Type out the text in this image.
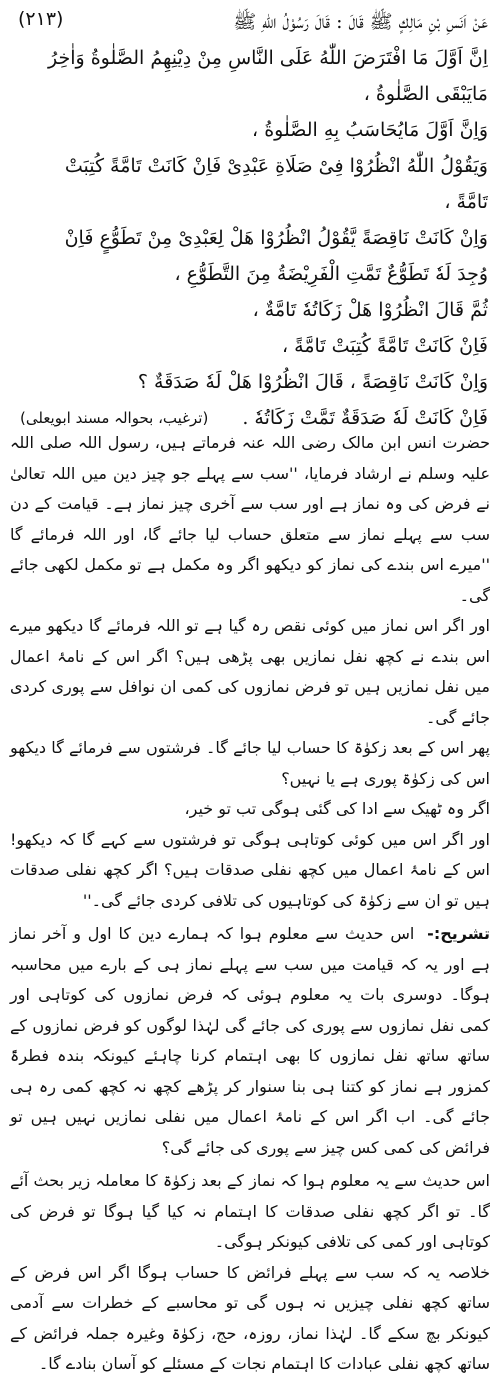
(۲۱۳)	عَنْ اَنَسِ بْنِ مَالِكٍ ﷺ قَالَ : قَالَ رَسُوْلُ اللّٰهِ ﷺ
اِنَّ اَوَّلَ مَا افْتَرَضَ اللّٰهُ عَلَى النَّاسِ مِنْ دِيْنِهِمُ الصَّلٰوةُ وَاٰخِرُ
مَايَبْقَى الصَّلٰوةُ ،
وَاِنَّ اَوَّلَ مَايُحَاسَبُ بِهِ الصَّلٰوةُ ،
وَيَقُوْلُ اللّٰهُ انْظُرُوْا فِىْ صَلَاةِ عَبْدِىْ فَاِنْ كَانَتْ تَامَّةً كُتِبَتْ
تَامَّةً ،
وَاِنْ كَانَتْ نَاقِصَةً يَّقُوْلُ انْظُرُوْا هَلْ لِعَبْدِىْ مِنْ تَطَوُّعٍ فَاِنْ
وُجِدَ لَهٗ تَطَوُّعٌ تَمَّتِ الْفَرِيْضَةُ مِنَ التَّطَوُّعِ ،
ثُمَّ قَالَ انْظُرُوْا هَلْ زَكَاتُهٗ تَامَّةٌ ،
فَاِنْ كَانَتْ تَامَّةً كُتِبَتْ تَامَّةً ،
وَاِنْ كَانَتْ نَاقِصَةً ، قَالَ انْظُرُوْا هَلْ لَهٗ صَدَقَةٌ ؟
فَاِنْ كَانَتْ لَهٗ صَدَقَةٌ تَمَّتْ زَكَاتُهٗ .
(ترغیب، بحوالہ مسند ابویعلی)

حضرت انس ابن مالک رضی اللہ عنہ فرماتے ہیں، رسول اللہ صلی اللہ علیہ وسلم نے ارشاد فرمایا، ''سب سے پہلے جو چیز دین میں اللہ تعالیٰ نے فرض کی وہ نماز ہے اور سب سے آخری چیز نماز ہے۔ قیامت کے دن سب سے پہلے نماز سے متعلق حساب لیا جائے گا، اور اللہ فرمائے گا ''میرے اس بندے کی نماز کو دیکھو اگر وہ مکمل ہے تو مکمل لکھی جائے گی۔

اور اگر اس نماز میں کوئی نقص رہ گیا ہے تو اللہ فرمائے گا دیکھو میرے اس بندے نے کچھ نفل نمازیں بھی پڑھی ہیں؟ اگر اس کے نامۂ اعمال میں نفل نمازیں ہیں تو فرض نمازوں کی کمی ان نوافل سے پوری کردی جائے گی۔

پھر اس کے بعد زکوٰۃ کا حساب لیا جائے گا۔ فرشتوں سے فرمائے گا دیکھو اس کی زکوٰۃ پوری ہے یا نہیں؟

اگر وہ ٹھیک سے ادا کی گئی ہوگی تب تو خیر،

اور اگر اس میں کوئی کوتاہی ہوگی تو فرشتوں سے کہے گا کہ دیکھو! اس کے نامۂ اعمال میں کچھ نفلی صدقات ہیں؟ اگر کچھ نفلی صدقات ہیں تو ان سے زکوٰۃ کی کوتاہیوں کی تلافی کردی جائے گی۔''

تشریح:- اس حدیث سے معلوم ہوا کہ ہمارے دین کا اول و آخر نماز ہے اور یہ کہ قیامت میں سب سے پہلے نماز ہی کے بارے میں محاسبہ ہوگا۔ دوسری بات یہ معلوم ہوئی کہ فرض نمازوں کی کوتاہی اور کمی نفل نمازوں سے پوری کی جائے گی لہٰذا لوگوں کو فرض نمازوں کے ساتھ ساتھ نفل نمازوں کا بھی اہتمام کرنا چاہئے کیونکہ بندہ فطرۃً کمزور ہے نماز کو کتنا ہی بنا سنوار کر پڑھے کچھ نہ کچھ کمی رہ ہی جائے گی۔ اب اگر اس کے نامۂ اعمال میں نفلی نمازیں نہیں ہیں تو فرائض کی کمی کس چیز سے پوری کی جائے گی؟

اس حدیث سے یہ معلوم ہوا کہ نماز کے بعد زکوٰۃ کا معاملہ زیر بحث آئے گا۔ تو اگر کچھ نفلی صدقات کا اہتمام نہ کیا گیا ہوگا تو فرض کی کوتاہی اور کمی کی تلافی کیونکر ہوگی۔

خلاصہ یہ کہ سب سے پہلے فرائض کا حساب ہوگا اگر اس فرض کے ساتھ کچھ نفلی چیزیں نہ ہوں گی تو محاسبے کے خطرات سے آدمی کیونکر بچ سکے گا۔ لہٰذا نماز، روزہ، حج، زکوٰۃ وغیرہ جملہ فرائض کے ساتھ کچھ نفلی عبادات کا اہتمام نجات کے مسئلے کو آسان بنادے گا۔
